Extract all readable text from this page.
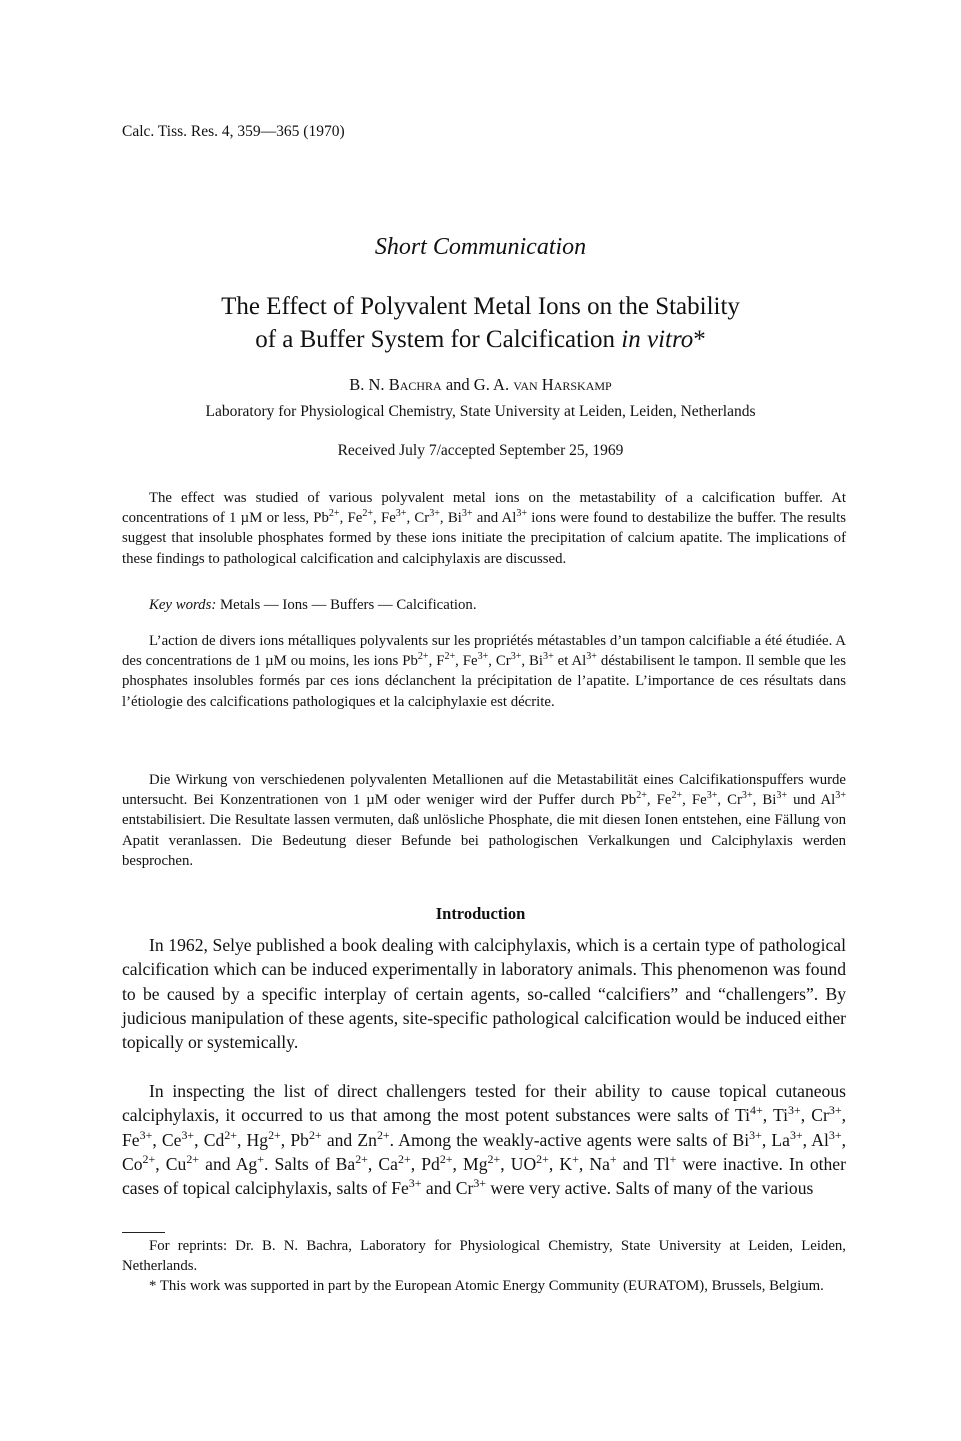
Calc. Tiss. Res. 4, 359—365 (1970)
Short Communication
The Effect of Polyvalent Metal Ions on the Stability
of a Buffer System for Calcification in vitro*
B. N. Bachra and G. A. van Harskamp
Laboratory for Physiological Chemistry, State University at Leiden, Leiden, Netherlands
Received July 7/accepted September 25, 1969

The effect was studied of various polyvalent metal ions on the metastability of a calcification buffer. At concentrations of 1 µM or less, $Pb^{2+}$, $Fe^{2+}$, $Fe^{3+}$, $Cr^{3+}$, $Bi^{3+}$ and $Al^{3+}$ ions were found to destabilize the buffer. The results suggest that insoluble phosphates formed by these ions initiate the precipitation of calcium apatite. The implications of these findings to pathological calcification and calciphylaxis are discussed.

Key words: Metals — Ions — Buffers — Calcification.

L’action de divers ions métalliques polyvalents sur les propriétés métastables d’un tampon calcifiable a été étudiée. A des concentrations de 1 µM ou moins, les ions $Pb^{2+}$, $F^{2+}$, $Fe^{3+}$, $Cr^{3+}$, $Bi^{3+}$ et $Al^{3+}$ déstabilisent le tampon. Il semble que les phosphates insolubles formés par ces ions déclanchent la précipitation de l’apatite. L’importance de ces résultats dans l’étiologie des calcifications pathologiques et la calciphylaxie est décrite.

Die Wirkung von verschiedenen polyvalenten Metallionen auf die Metastabilität eines Calcifikationspuffers wurde untersucht. Bei Konzentrationen von 1 µM oder weniger wird der Puffer durch $Pb^{2+}$, $Fe^{2+}$, $Fe^{3+}$, $Cr^{3+}$, $Bi^{3+}$ und $Al^{3+}$ entstabilisiert. Die Resultate lassen vermuten, daß unlösliche Phosphate, die mit diesen Ionen entstehen, eine Fällung von Apatit veranlassen. Die Bedeutung dieser Befunde bei pathologischen Verkalkungen und Calciphylaxis werden besprochen.

Introduction

In 1962, Selye published a book dealing with calciphylaxis, which is a certain type of pathological calcification which can be induced experimentally in laboratory animals. This phenomenon was found to be caused by a specific interplay of certain agents, so-called “calcifiers” and “challengers”. By judicious manipulation of these agents, site-specific pathological calcification would be induced either topically or systemically.

In inspecting the list of direct challengers tested for their ability to cause topical cutaneous calciphylaxis, it occurred to us that among the most potent substances were salts of $Ti^{4+}$, $Ti^{3+}$, $Cr^{3+}$, $Fe^{3+}$, $Ce^{3+}$, $Cd^{2+}$, $Hg^{2+}$, $Pb^{2+}$ and $Zn^{2+}$. Among the weakly-active agents were salts of $Bi^{3+}$, $La^{3+}$, $Al^{3+}$, $Co^{2+}$, $Cu^{2+}$ and Ag+. Salts of $Ba^{2+}$, $Ca^{2+}$, $Pd^{2+}$, $Mg^{2+}$, $UO^{2+}$, K+, Na+ and Tl+ were inactive. In other cases of topical calciphylaxis, salts of $Fe^{3+}$ and $Cr^{3+}$ were very active. Salts of many of the various

For reprints: Dr. B. N. Bachra, Laboratory for Physiological Chemistry, State University at Leiden, Leiden, Netherlands.

* This work was supported in part by the European Atomic Energy Community (EURATOM), Brussels, Belgium.
